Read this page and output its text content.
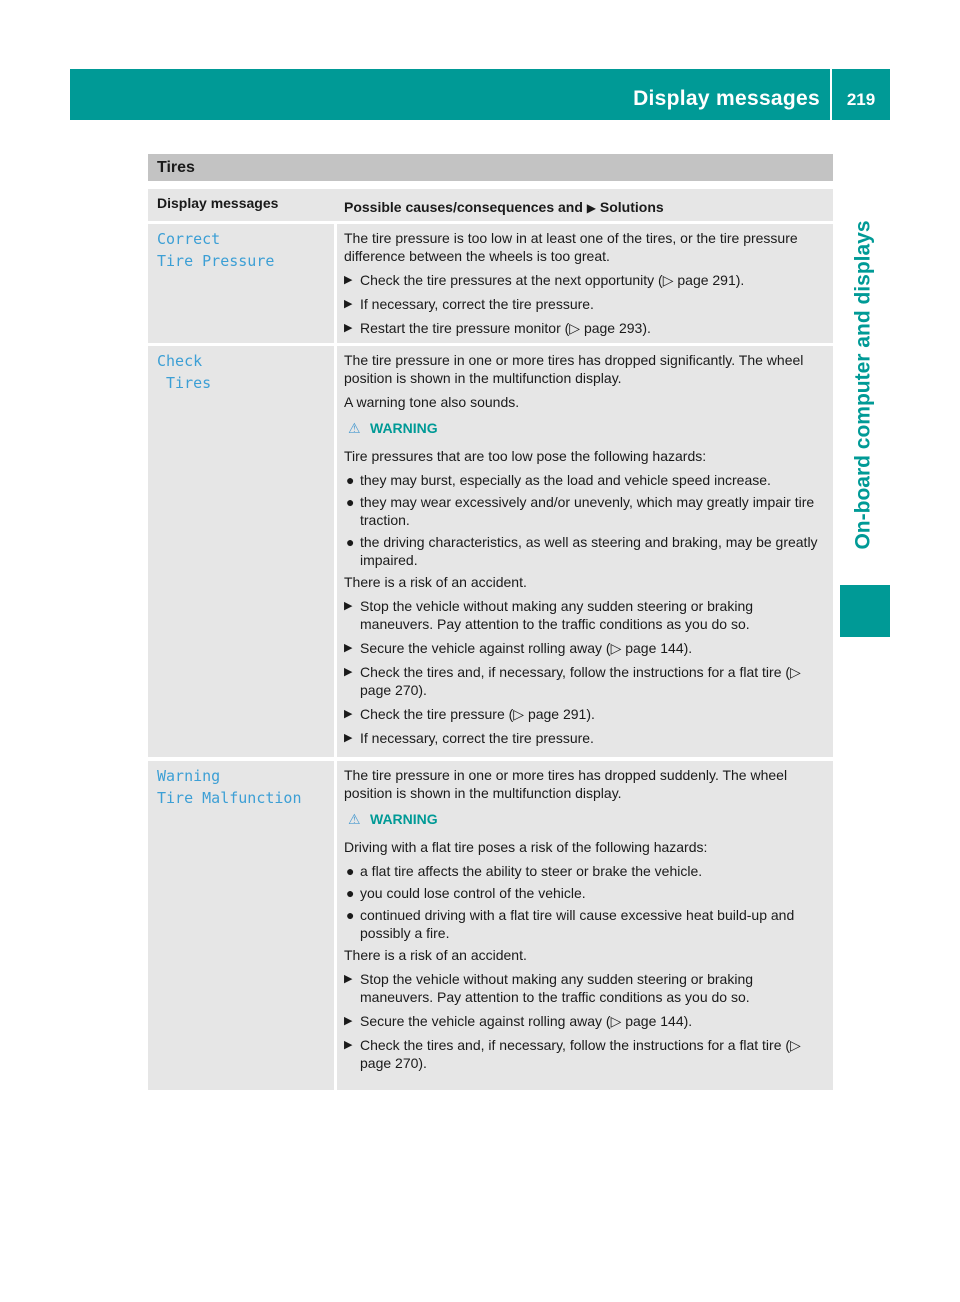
Display messages	219
On-board computer and displays
Tires
Display messages	Possible causes/consequences and ▶ Solutions
Correct
Tire Pressure

The tire pressure is too low in at least one of the tires, or the tire pressure difference between the wheels is too great.

▶ Check the tire pressures at the next opportunity (▷ page 291).
▶ If necessary, correct the tire pressure.
▶ Restart the tire pressure monitor (▷ page 293).
Check
Tires

The tire pressure in one or more tires has dropped significantly. The wheel position is shown in the multifunction display.

A warning tone also sounds.

⚠ WARNING

Tire pressures that are too low pose the following hazards:

● they may burst, especially as the load and vehicle speed increase.
● they may wear excessively and/or unevenly, which may greatly impair tire traction.
● the driving characteristics, as well as steering and braking, may be greatly impaired.

There is a risk of an accident.

▶ Stop the vehicle without making any sudden steering or braking maneuvers. Pay attention to the traffic conditions as you do so.
▶ Secure the vehicle against rolling away (▷ page 144).
▶ Check the tires and, if necessary, follow the instructions for a flat tire (▷ page 270).
▶ Check the tire pressure (▷ page 291).
▶ If necessary, correct the tire pressure.
Warning
Tire Malfunction

The tire pressure in one or more tires has dropped suddenly. The wheel position is shown in the multifunction display.

⚠ WARNING

Driving with a flat tire poses a risk of the following hazards:

● a flat tire affects the ability to steer or brake the vehicle.
● you could lose control of the vehicle.
● continued driving with a flat tire will cause excessive heat build-up and possibly a fire.

There is a risk of an accident.

▶ Stop the vehicle without making any sudden steering or braking maneuvers. Pay attention to the traffic conditions as you do so.
▶ Secure the vehicle against rolling away (▷ page 144).
▶ Check the tires and, if necessary, follow the instructions for a flat tire (▷ page 270).
